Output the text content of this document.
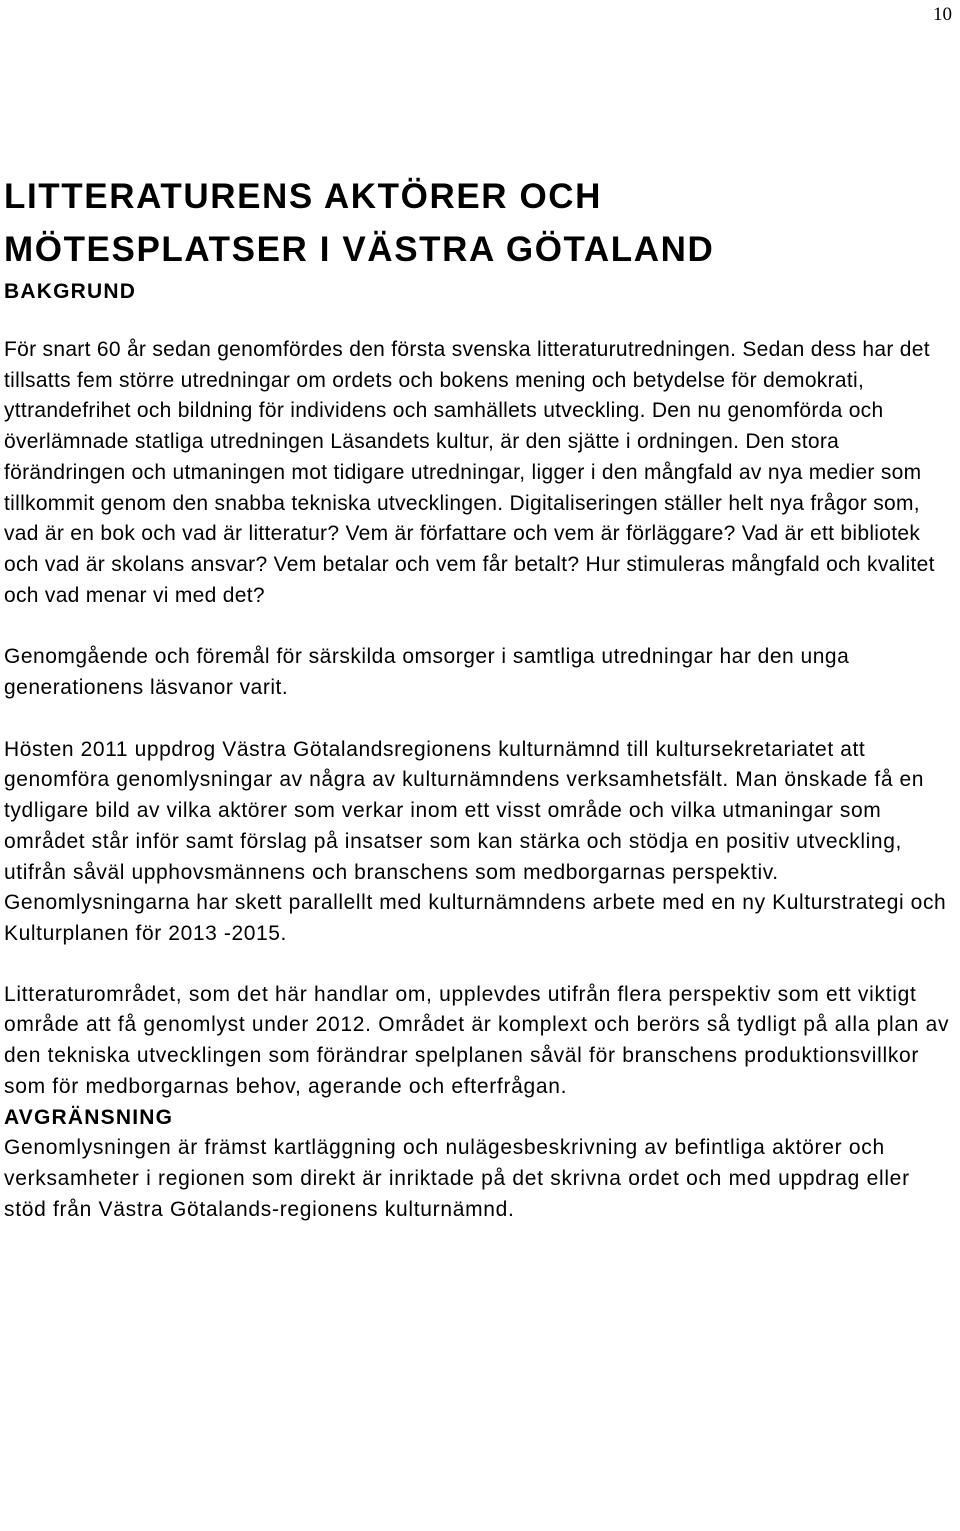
10
LITTERATURENS AKTÖRER OCH
MÖTESPLATSER I VÄSTRA GÖTALAND
BAKGRUND

För snart 60 år sedan genomfördes den första svenska litteraturutredningen. Sedan dess har det tillsatts fem större utredningar om ordets och bokens mening och betydelse för demokrati, yttrandefrihet och bildning för individens och samhällets utveckling. Den nu genomförda och överlämnade statliga utredningen Läsandets kultur, är den sjätte i ordningen. Den stora förändringen och utmaningen mot tidigare utredningar, ligger i den mångfald av nya medier som tillkommit genom den snabba tekniska utvecklingen. Digitaliseringen ställer helt nya frågor som, vad är en bok och vad är litteratur? Vem är författare och vem är förläggare? Vad är ett bibliotek och vad är skolans ansvar? Vem betalar och vem får betalt? Hur stimuleras mångfald och kvalitet och vad menar vi med det?

Genomgående och föremål för särskilda omsorger i samtliga utredningar har den unga generationens läsvanor varit.

Hösten 2011 uppdrog Västra Götalandsregionens kulturnämnd till kultursekretariatet att genomföra genomlysningar av några av kulturnämndens verksamhetsfält. Man önskade få en tydligare bild av vilka aktörer som verkar inom ett visst område och vilka utmaningar som området står inför samt förslag på insatser som kan stärka och stödja en positiv utveckling, utifrån såväl upphovsmännens och branschens som medborgarnas perspektiv. Genomlysningarna har skett parallellt med kulturnämndens arbete med en ny Kulturstrategi och Kulturplanen för 2013 -2015.

Litteraturområdet, som det här handlar om, upplevdes utifrån flera perspektiv som ett viktigt område att få genomlyst under 2012. Området är komplext och berörs så tydligt på alla plan av den tekniska utvecklingen som förändrar spelplanen såväl för branschens produktionsvillkor som för medborgarnas behov, agerande och efterfrågan.

AVGRÄNSNING

Genomlysningen är främst kartläggning och nulägesbeskrivning av befintliga aktörer och verksamheter i regionen som direkt är inriktade på det skrivna ordet och med uppdrag eller stöd från Västra Götalands-regionens kulturnämnd.
